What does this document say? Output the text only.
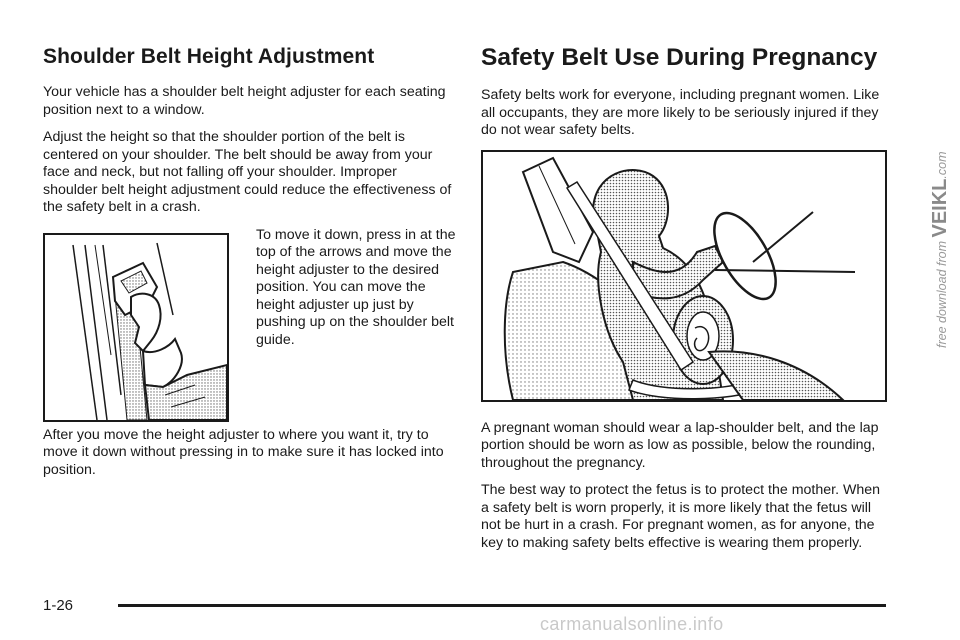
Shoulder Belt Height Adjustment

Your vehicle has a shoulder belt height adjuster for each seating position next to a window.

Adjust the height so that the shoulder portion of the belt is centered on your shoulder. The belt should be away from your face and neck, but not falling off your shoulder. Improper shoulder belt height adjustment could reduce the effectiveness of the safety belt in a crash.

To move it down, press in at the top of the arrows and move the height adjuster to the desired position. You can move the height adjuster up just by pushing up on the shoulder belt guide.

After you move the height adjuster to where you want it, try to move it down without pressing in to make sure it has locked into position.

Safety Belt Use During Pregnancy

Safety belts work for everyone, including pregnant women. Like all occupants, they are more likely to be seriously injured if they do not wear safety belts.

A pregnant woman should wear a lap-shoulder belt, and the lap portion should be worn as low as possible, below the rounding, throughout the pregnancy.

The best way to protect the fetus is to protect the mother. When a safety belt is worn properly, it is more likely that the fetus will not be hurt in a crash. For pregnant women, as for anyone, the key to making safety belts effective is wearing them properly.

1-26
carmanualsonline.info
free download from VEIKL.com
